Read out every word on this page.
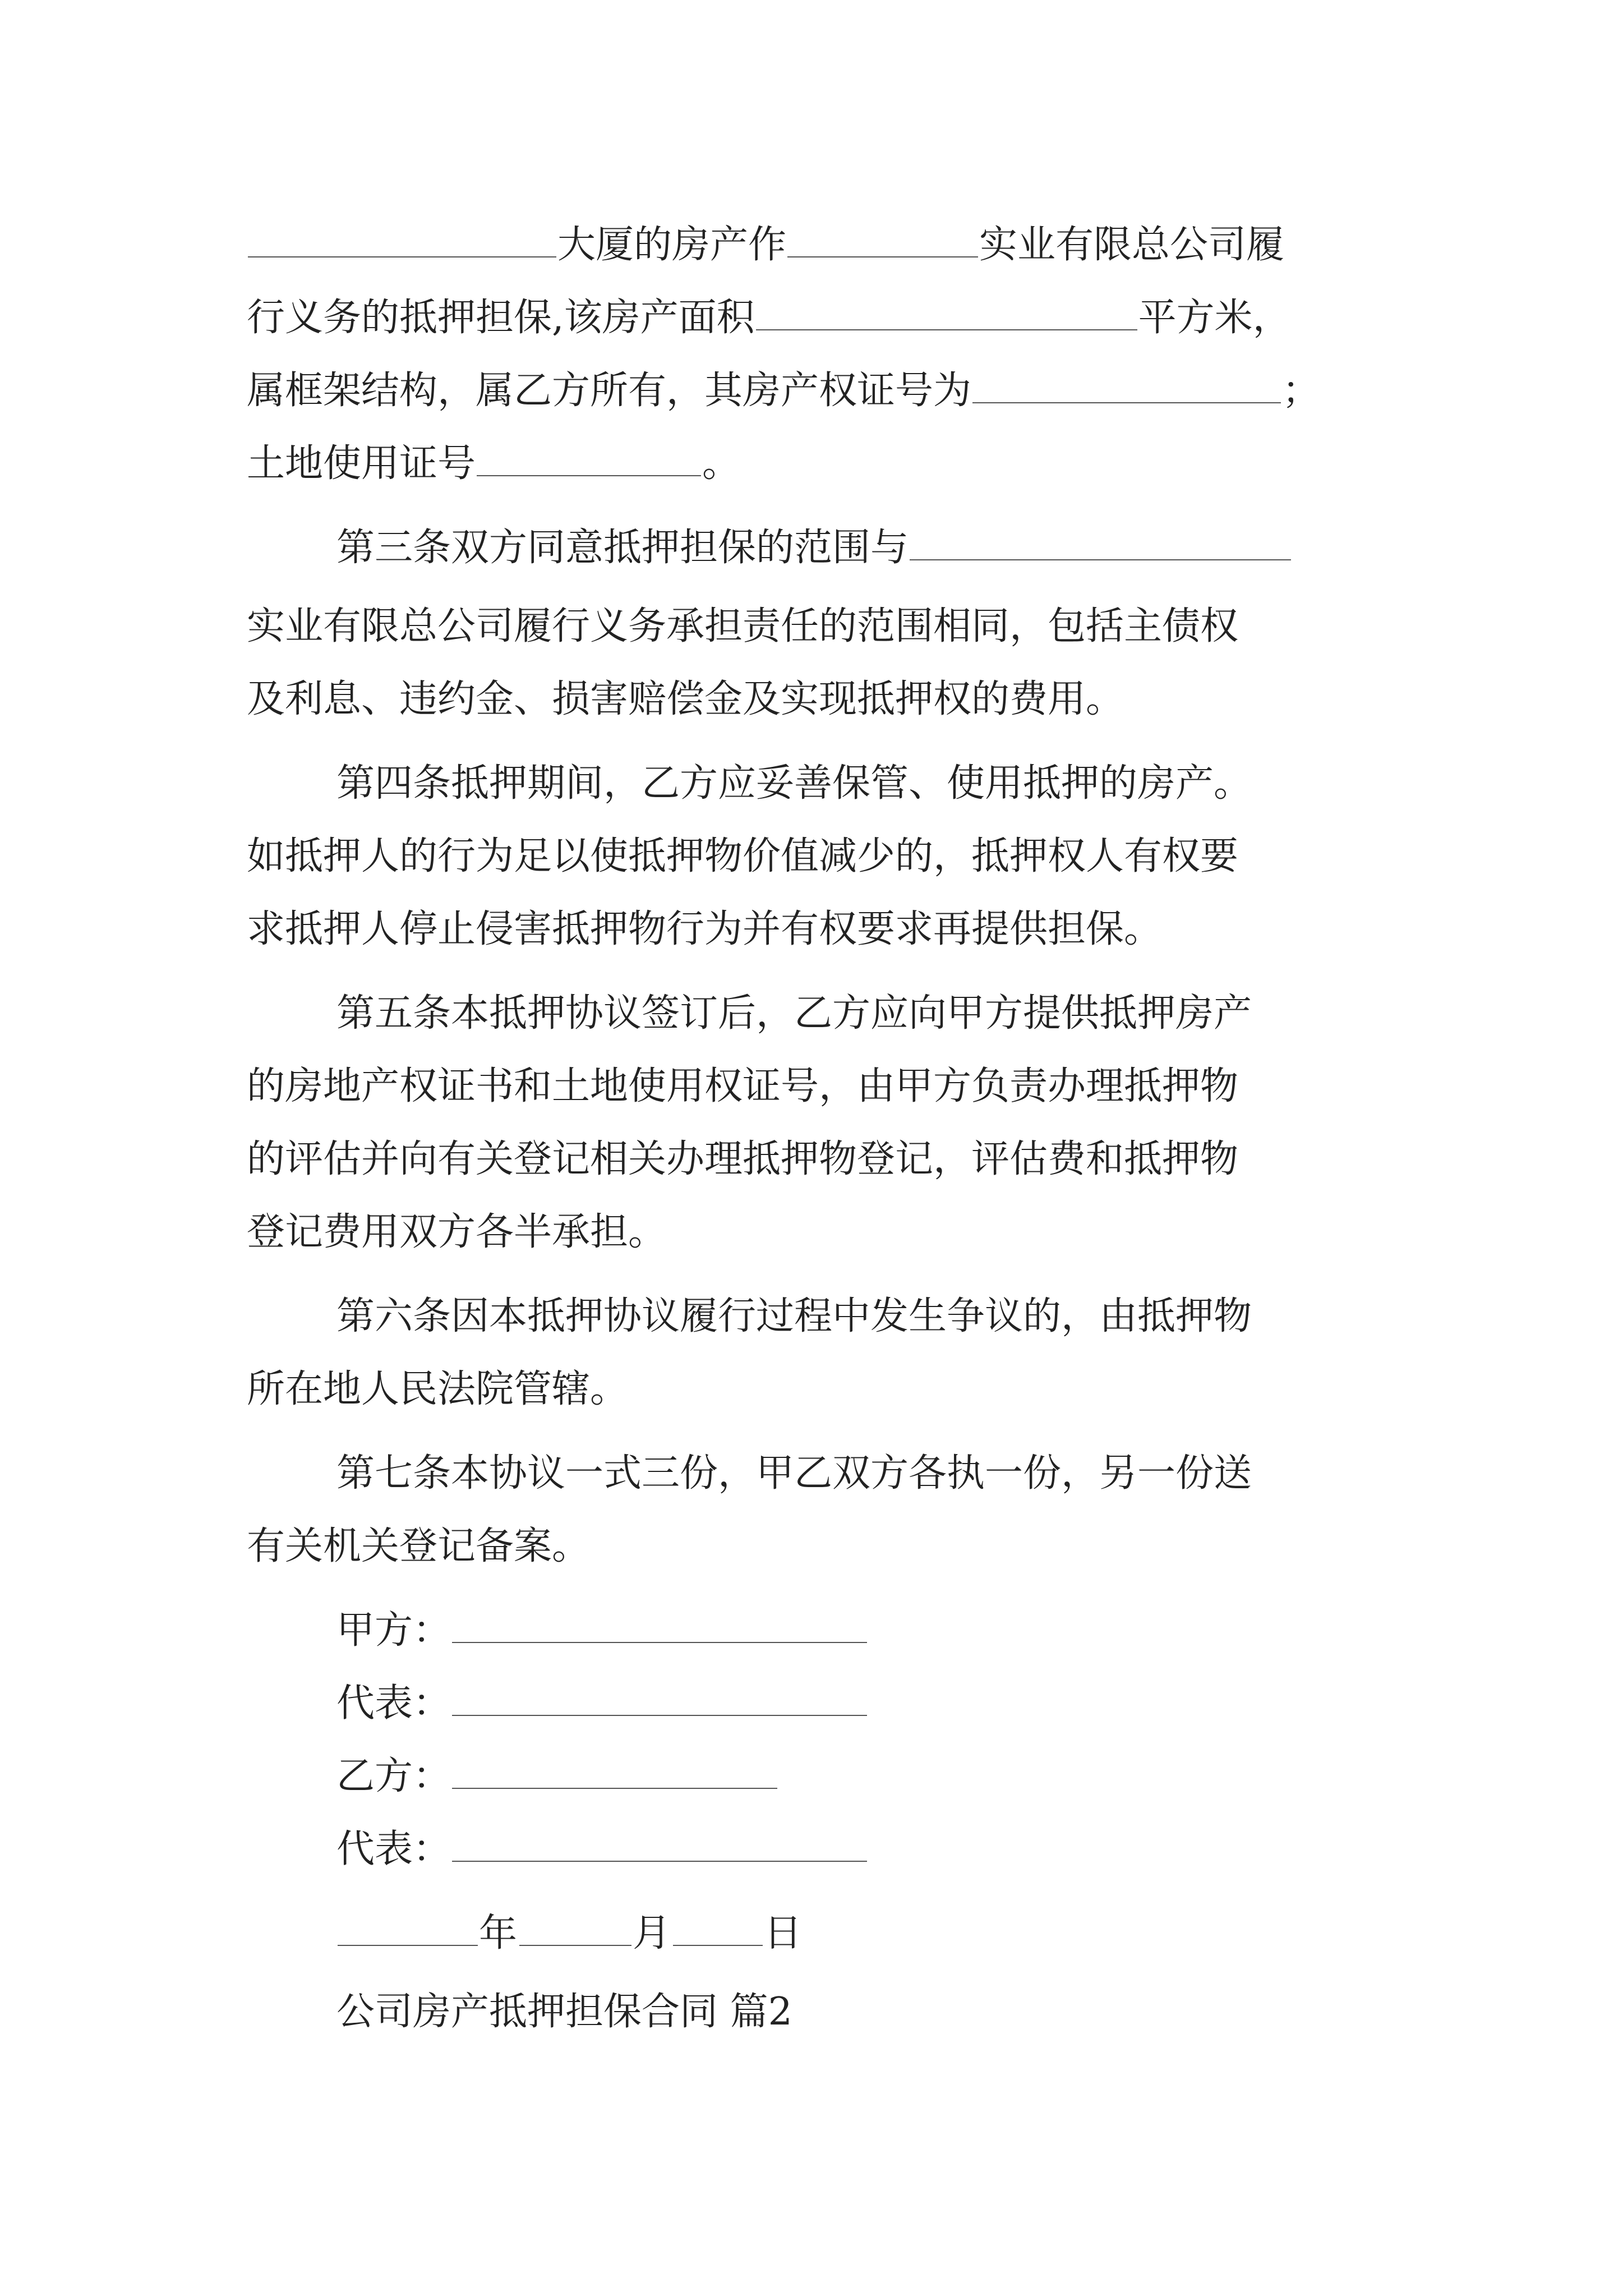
大厦的房产作	实业有限总公司履
行义务的抵押担保,该房产面积	平方米，
属框架结构，属乙方所有，其房产权证号为	；
土地使用证号	。
第三条双方同意抵押担保的范围与
实业有限总公司履行义务承担责任的范围相同，包括主债权
及利息、违约金、损害赔偿金及实现抵押权的费用。
第四条抵押期间，乙方应妥善保管、使用抵押的房产。
如抵押人的行为足以使抵押物价值减少的，抵押权人有权要
求抵押人停止侵害抵押物行为并有权要求再提供担保。
第五条本抵押协议签订后，乙方应向甲方提供抵押房产
的房地产权证书和土地使用权证号，由甲方负责办理抵押物
的评估并向有关登记相关办理抵押物登记，评估费和抵押物
登记费用双方各半承担。
第六条因本抵押协议履行过程中发生争议的，由抵押物
所在地人民法院管辖。
第七条本协议一式三份，甲乙双方各执一份，另一份送
有关机关登记备案。
甲方：
代表：
乙方：
代表：
年	月 日
公司房产抵押担保合同 篇2
